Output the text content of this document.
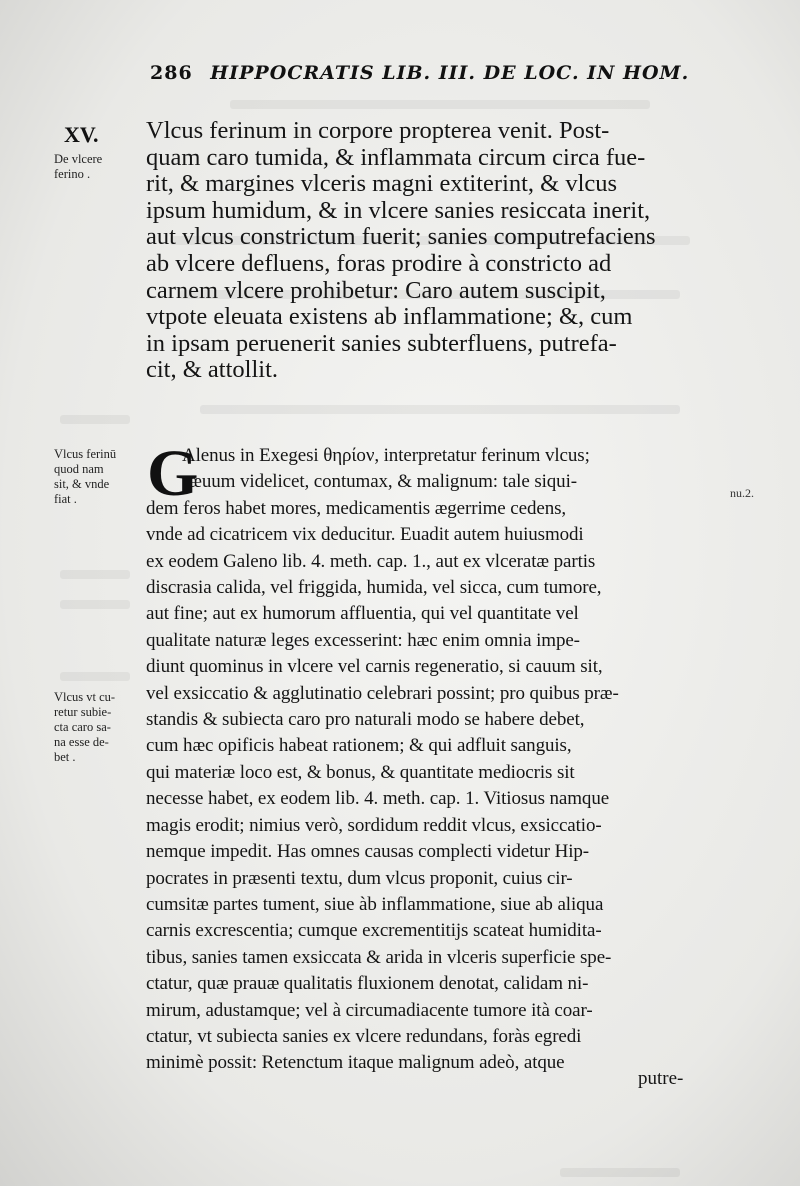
286 HIPPOCRATIS LIB. III. DE LOC. IN HOM.
XV.
De vlcere
ferino .
Vlcus ferinū
quod nam
sit, & vnde
fiat .
Vlcus vt cu-
retur subie-
cta caro sa-
na esse de-
bet .
nu.2.
Vlcus ferinum in corpore propterea venit. Post-
quam caro tumida, & inflammata circum circa fue-
rit, & margines vlceris magni extiterint, & vlcus
ipsum humidum, & in vlcere sanies resiccata inerit,
aut vlcus constrictum fuerit; sanies computrefaciens
ab vlcere defluens, foras prodire à constricto ad
carnem vlcere prohibetur: Caro autem suscipit,
vtpote eleuata existens ab inflammatione; &, cum
in ipsam peruenerit sanies subterfluens, putrefa-
cit, & attollit.
G
Alenus in Exegesi θηρίον, interpretatur ferinum vlcus;
sæuum videlicet, contumax, & malignum: tale siqui-
dem feros habet mores, medicamentis ægerrime cedens,
vnde ad cicatricem vix deducitur. Euadit autem huiusmodi
ex eodem Galeno lib. 4. meth. cap. 1., aut ex vlceratæ partis
discrasia calida, vel friggida, humida, vel sicca, cum tumore,
aut fine; aut ex humorum affluentia, qui vel quantitate vel
qualitate naturæ leges excesserint: hæc enim omnia impe-
diunt quominus in vlcere vel carnis regeneratio, si cauum sit,
vel exsiccatio & agglutinatio celebrari possint; pro quibus præ-
standis & subiecta caro pro naturali modo se habere debet,
cum hæc opificis habeat rationem; & qui adfluit sanguis,
qui materiæ loco est, & bonus, & quantitate mediocris sit
necesse habet, ex eodem lib. 4. meth. cap. 1. Vitiosus namque
magis erodit; nimius verò, sordidum reddit vlcus, exsiccatio-
nemque impedit. Has omnes causas complecti videtur Hip-
pocrates in præsenti textu, dum vlcus proponit, cuius cir-
cumsitæ partes tument, siue àb inflammatione, siue ab aliqua
carnis excrescentia; cumque excrementitijs scateat humidita-
tibus, sanies tamen exsiccata & arida in vlceris superficie spe-
ctatur, quæ prauæ qualitatis fluxionem denotat, calidam ni-
mirum, adustamque; vel à circumadiacente tumore ità coar-
ctatur, vt subiecta sanies ex vlcere redundans, foràs egredi
minimè possit: Retenctum itaque malignum adeò, atque
putre-
